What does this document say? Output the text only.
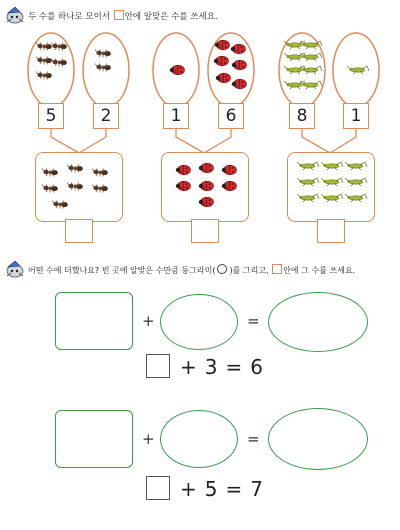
두 수를 하나로 모이서 안에 알맞은 수를 쓰세요.
5	2	1	6	8	1
어떤 수에 더했나요? 빈 곳에 알맞은 수만큼 동그라미( )를 그리고, 안에 그 수를 쓰세요.
+	=
+ 3 = 6
+	=
+ 5 = 7
